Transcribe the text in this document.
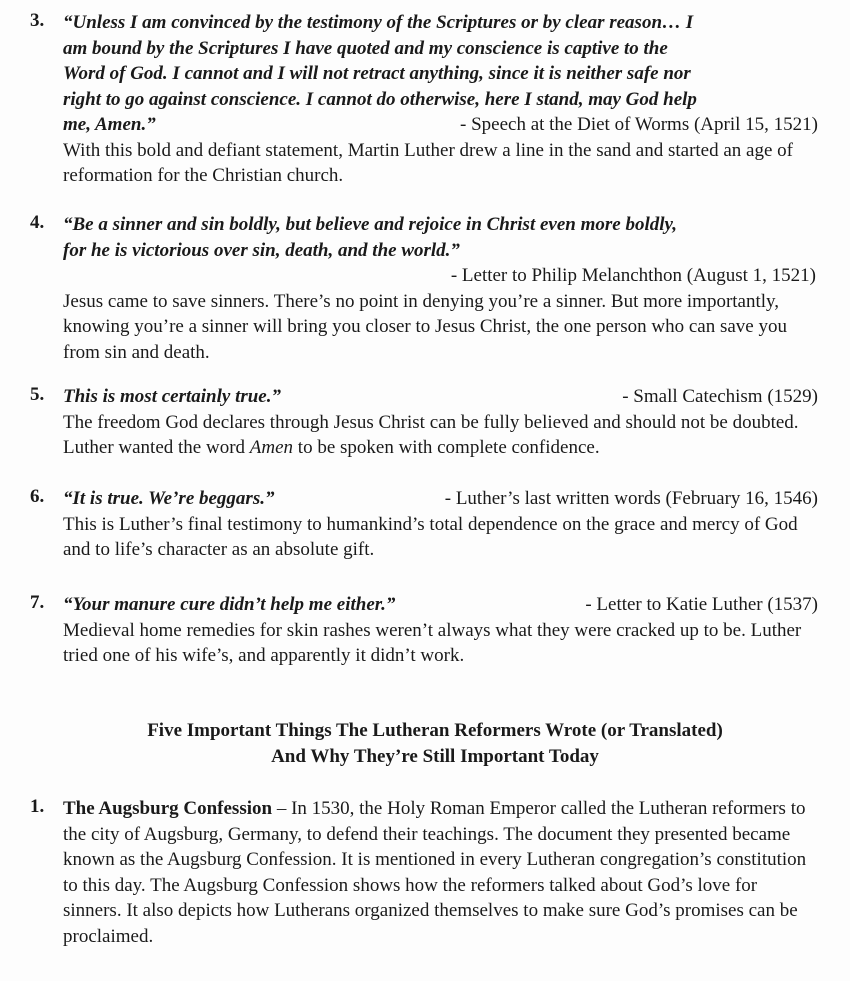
3. “Unless I am convinced by the testimony of the Scriptures or by clear reason… I
am bound by the Scriptures I have quoted and my conscience is captive to the
Word of God. I cannot and I will not retract anything, since it is neither safe nor
right to go against conscience. I cannot do otherwise, here I stand, may God help
me, Amen.”	- Speech at the Diet of Worms (April 15, 1521)
With this bold and defiant statement, Martin Luther drew a line in the sand and started an age of reformation for the Christian church.
4. “Be a sinner and sin boldly, but believe and rejoice in Christ even more boldly,
for he is victorious over sin, death, and the world.”
- Letter to Philip Melanchthon (August 1, 1521)
Jesus came to save sinners. There’s no point in denying you’re a sinner. But more importantly, knowing you’re a sinner will bring you closer to Jesus Christ, the one person who can save you from sin and death.
5. This is most certainly true.”	- Small Catechism (1529)
The freedom God declares through Jesus Christ can be fully believed and should not be doubted. Luther wanted the word Amen to be spoken with complete confidence.
6. “It is true. We’re beggars.”	- Luther’s last written words (February 16, 1546)
This is Luther’s final testimony to humankind’s total dependence on the grace and mercy of God and to life’s character as an absolute gift.
7. “Your manure cure didn’t help me either.”	- Letter to Katie Luther (1537)
Medieval home remedies for skin rashes weren’t always what they were cracked up to be. Luther tried one of his wife’s, and apparently it didn’t work.
Five Important Things The Lutheran Reformers Wrote (or Translated)
And Why They’re Still Important Today
1. The Augsburg Confession – In 1530, the Holy Roman Emperor called the Lutheran reformers to the city of Augsburg, Germany, to defend their teachings. The document they presented became known as the Augsburg Confession. It is mentioned in every Lutheran congregation’s constitution to this day. The Augsburg Confession shows how the reformers talked about God’s love for sinners. It also depicts how Lutherans organized themselves to make sure God’s promises can be proclaimed.
